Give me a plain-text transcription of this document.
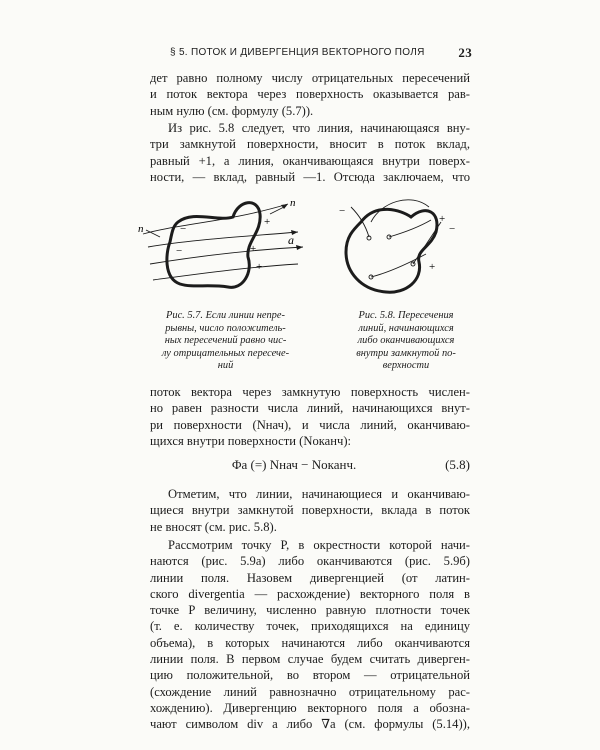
§ 5. ПОТОК И ДИВЕРГЕНЦИЯ ВЕКТОРНОГО ПОЛЯ	23
дет равно полному числу отрицательных пересечений
и поток вектора через поверхность оказывается рав-
ным нулю (см. формулу (5.7)).
Из рис. 5.8 следует, что линия, начинающаяся вну-
три замкнутой поверхности, вносит в поток вклад,
равный +1, а линия, оканчивающаяся внутри поверх-
ности, — вклад, равный —1. Отсюда заключаем, что
n
n
a
−
−
+
+
+
−
+
+
−
Рис. 5.7. Если линии непре-
рывны, число положитель-
ных пересечений равно чис-
лу отрицательных пересече-
ний
Рис. 5.8. Пересечения
линий, начинающихся
либо оканчивающихся
внутри замкнутой по-
верхности
поток вектора через замкнутую поверхность числен-
но равен разности числа линий, начинающихся внут-
ри поверхности (Nнач), и числа линий, оканчиваю-
щихся внутри поверхности (Nоканч):
Φa (=) Nнач − Nоканч.	(5.8)
Отметим, что линии, начинающиеся и оканчиваю-
щиеся внутри замкнутой поверхности, вклада в поток
не вносят (см. рис. 5.8).
Рассмотрим точку P, в окрестности которой начи-
наются (рис. 5.9а) либо оканчиваются (рис. 5.9б)
линии поля. Назовем дивергенцией (от латин-
ского divergentia — расхождение) векторного поля в
точке P величину, численно равную плотности точек
(т. е. количеству точек, приходящихся на единицу
объема), в которых начинаются либо оканчиваются
линии поля. В первом случае будем считать диверген-
цию положительной, во втором — отрицательной
(схождение линий равнозначно отрицательному рас-
хождению). Дивергенцию векторного поля a обозна-
чают символом div a либо ∇a (см. формулы (5.14)),
